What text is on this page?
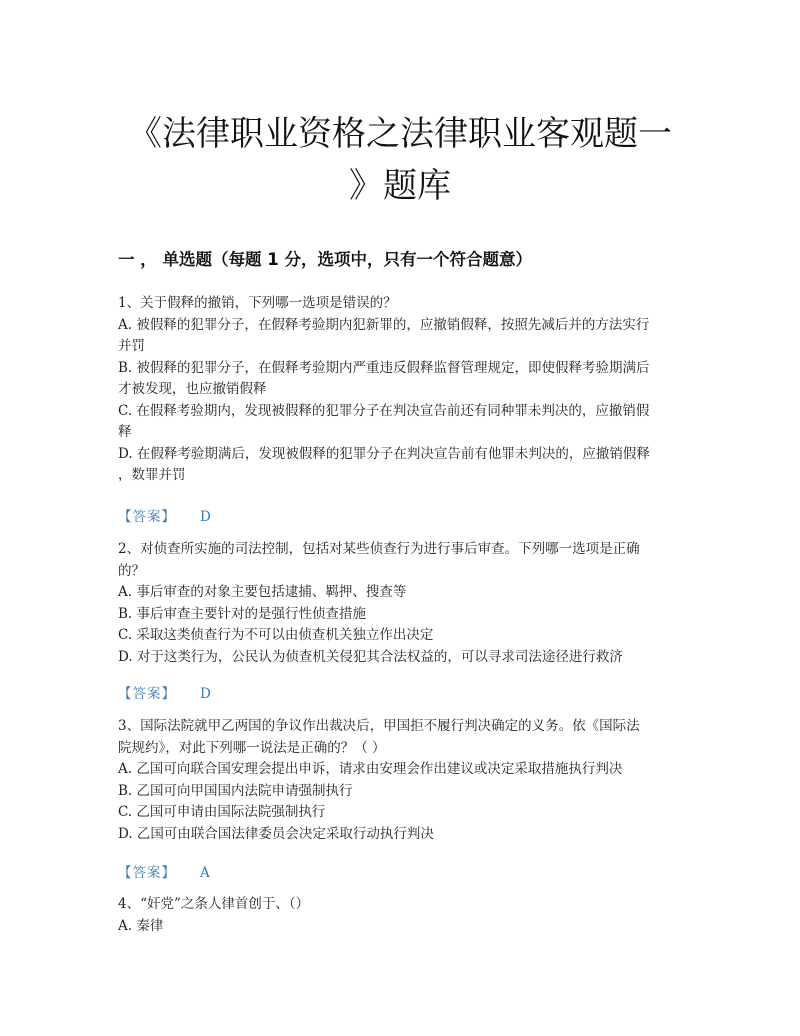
《法律职业资格之法律职业客观题一
》题库
一 ， 单选题（每题 1 分，选项中，只有一个符合题意）
1、关于假释的撤销，下列哪一选项是错误的？
A. 被假释的犯罪分子，在假释考验期内犯新罪的，应撤销假释，按照先减后并的方法实行
并罚
B. 被假释的犯罪分子，在假释考验期内严重违反假释监督管理规定，即使假释考验期满后
才被发现，也应撤销假释
C. 在假释考验期内，发现被假释的犯罪分子在判决宣告前还有同种罪未判决的，应撤销假
释
D. 在假释考验期满后，发现被假释的犯罪分子在判决宣告前有他罪未判决的，应撤销假释
，数罪并罚
【答案】 D
2、对侦查所实施的司法控制，包括对某些侦查行为进行事后审查。下列哪一选项是正确
的？
A. 事后审查的对象主要包括逮捕、羁押、搜查等
B. 事后审查主要针对的是强行性侦查措施
C. 采取这类侦查行为不可以由侦查机关独立作出决定
D. 对于这类行为，公民认为侦查机关侵犯其合法权益的，可以寻求司法途径进行救济
【答案】 D
3、国际法院就甲乙两国的争议作出裁决后，甲国拒不履行判决确定的义务。依《国际法
院规约》，对此下列哪一说法是正确的？（ ）
A. 乙国可向联合国安理会提出申诉，请求由安理会作出建议或决定采取措施执行判决
B. 乙国可向甲国国内法院申请强制执行
C. 乙国可申请由国际法院强制执行
D. 乙国可由联合国法律委员会决定采取行动执行判决
【答案】 A
4、“奸党”之条人律首创于、（）
A. 秦律
